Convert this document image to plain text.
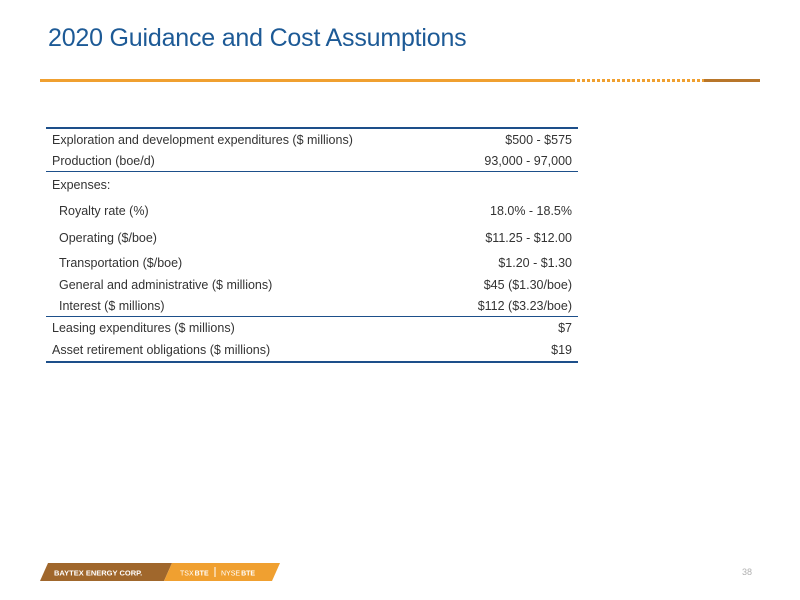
2020 Guidance and Cost Assumptions
Exploration and development expenditures ($ millions)	$500 - $575
Production (boe/d)	93,000 - 97,000
Expenses:
Royalty rate (%)	18.0% - 18.5%
Operating ($/boe)	$11.25 - $12.00
Transportation ($/boe)	$1.20 - $1.30
General and administrative ($ millions)	$45 ($1.30/boe)
Interest ($ millions)	$112 ($3.23/boe)
Leasing expenditures ($ millions)	$7
Asset retirement obligations ($ millions)	$19
BAYTEX ENERGY CORP.	TSXBTE NYSEBTE	38
